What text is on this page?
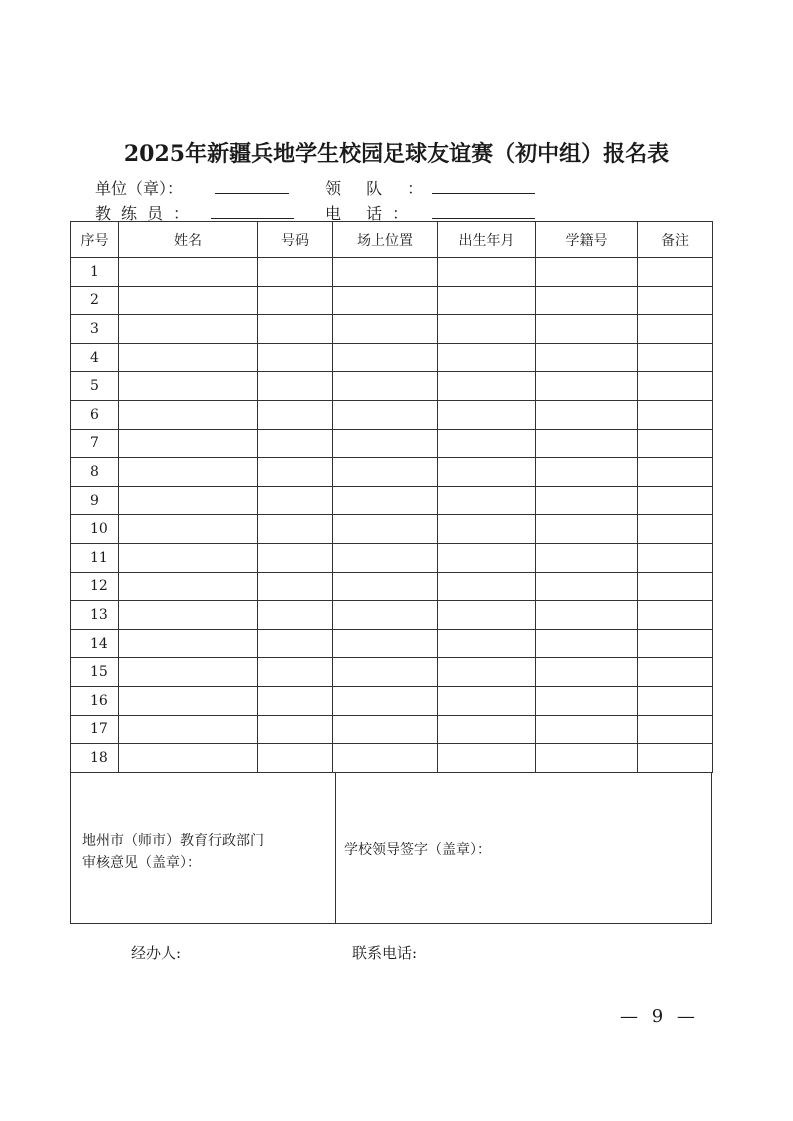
2025年新疆兵地学生校园足球友谊赛（初中组）报名表
单位（章）：	领 队 ：
教练员：	电 话：
序号	姓名	号码	场上位置	出生年月	学籍号	备注
1						
2						
3						
4						
5						
6						
7						
8						
9						
10						
11						
12						
13						
14						
15						
16						
17						
18						
地州市（师市）教育行政部门
审核意见（盖章）：
学校领导签字（盖章）：
经办人:	联系电话:
— 9 —
